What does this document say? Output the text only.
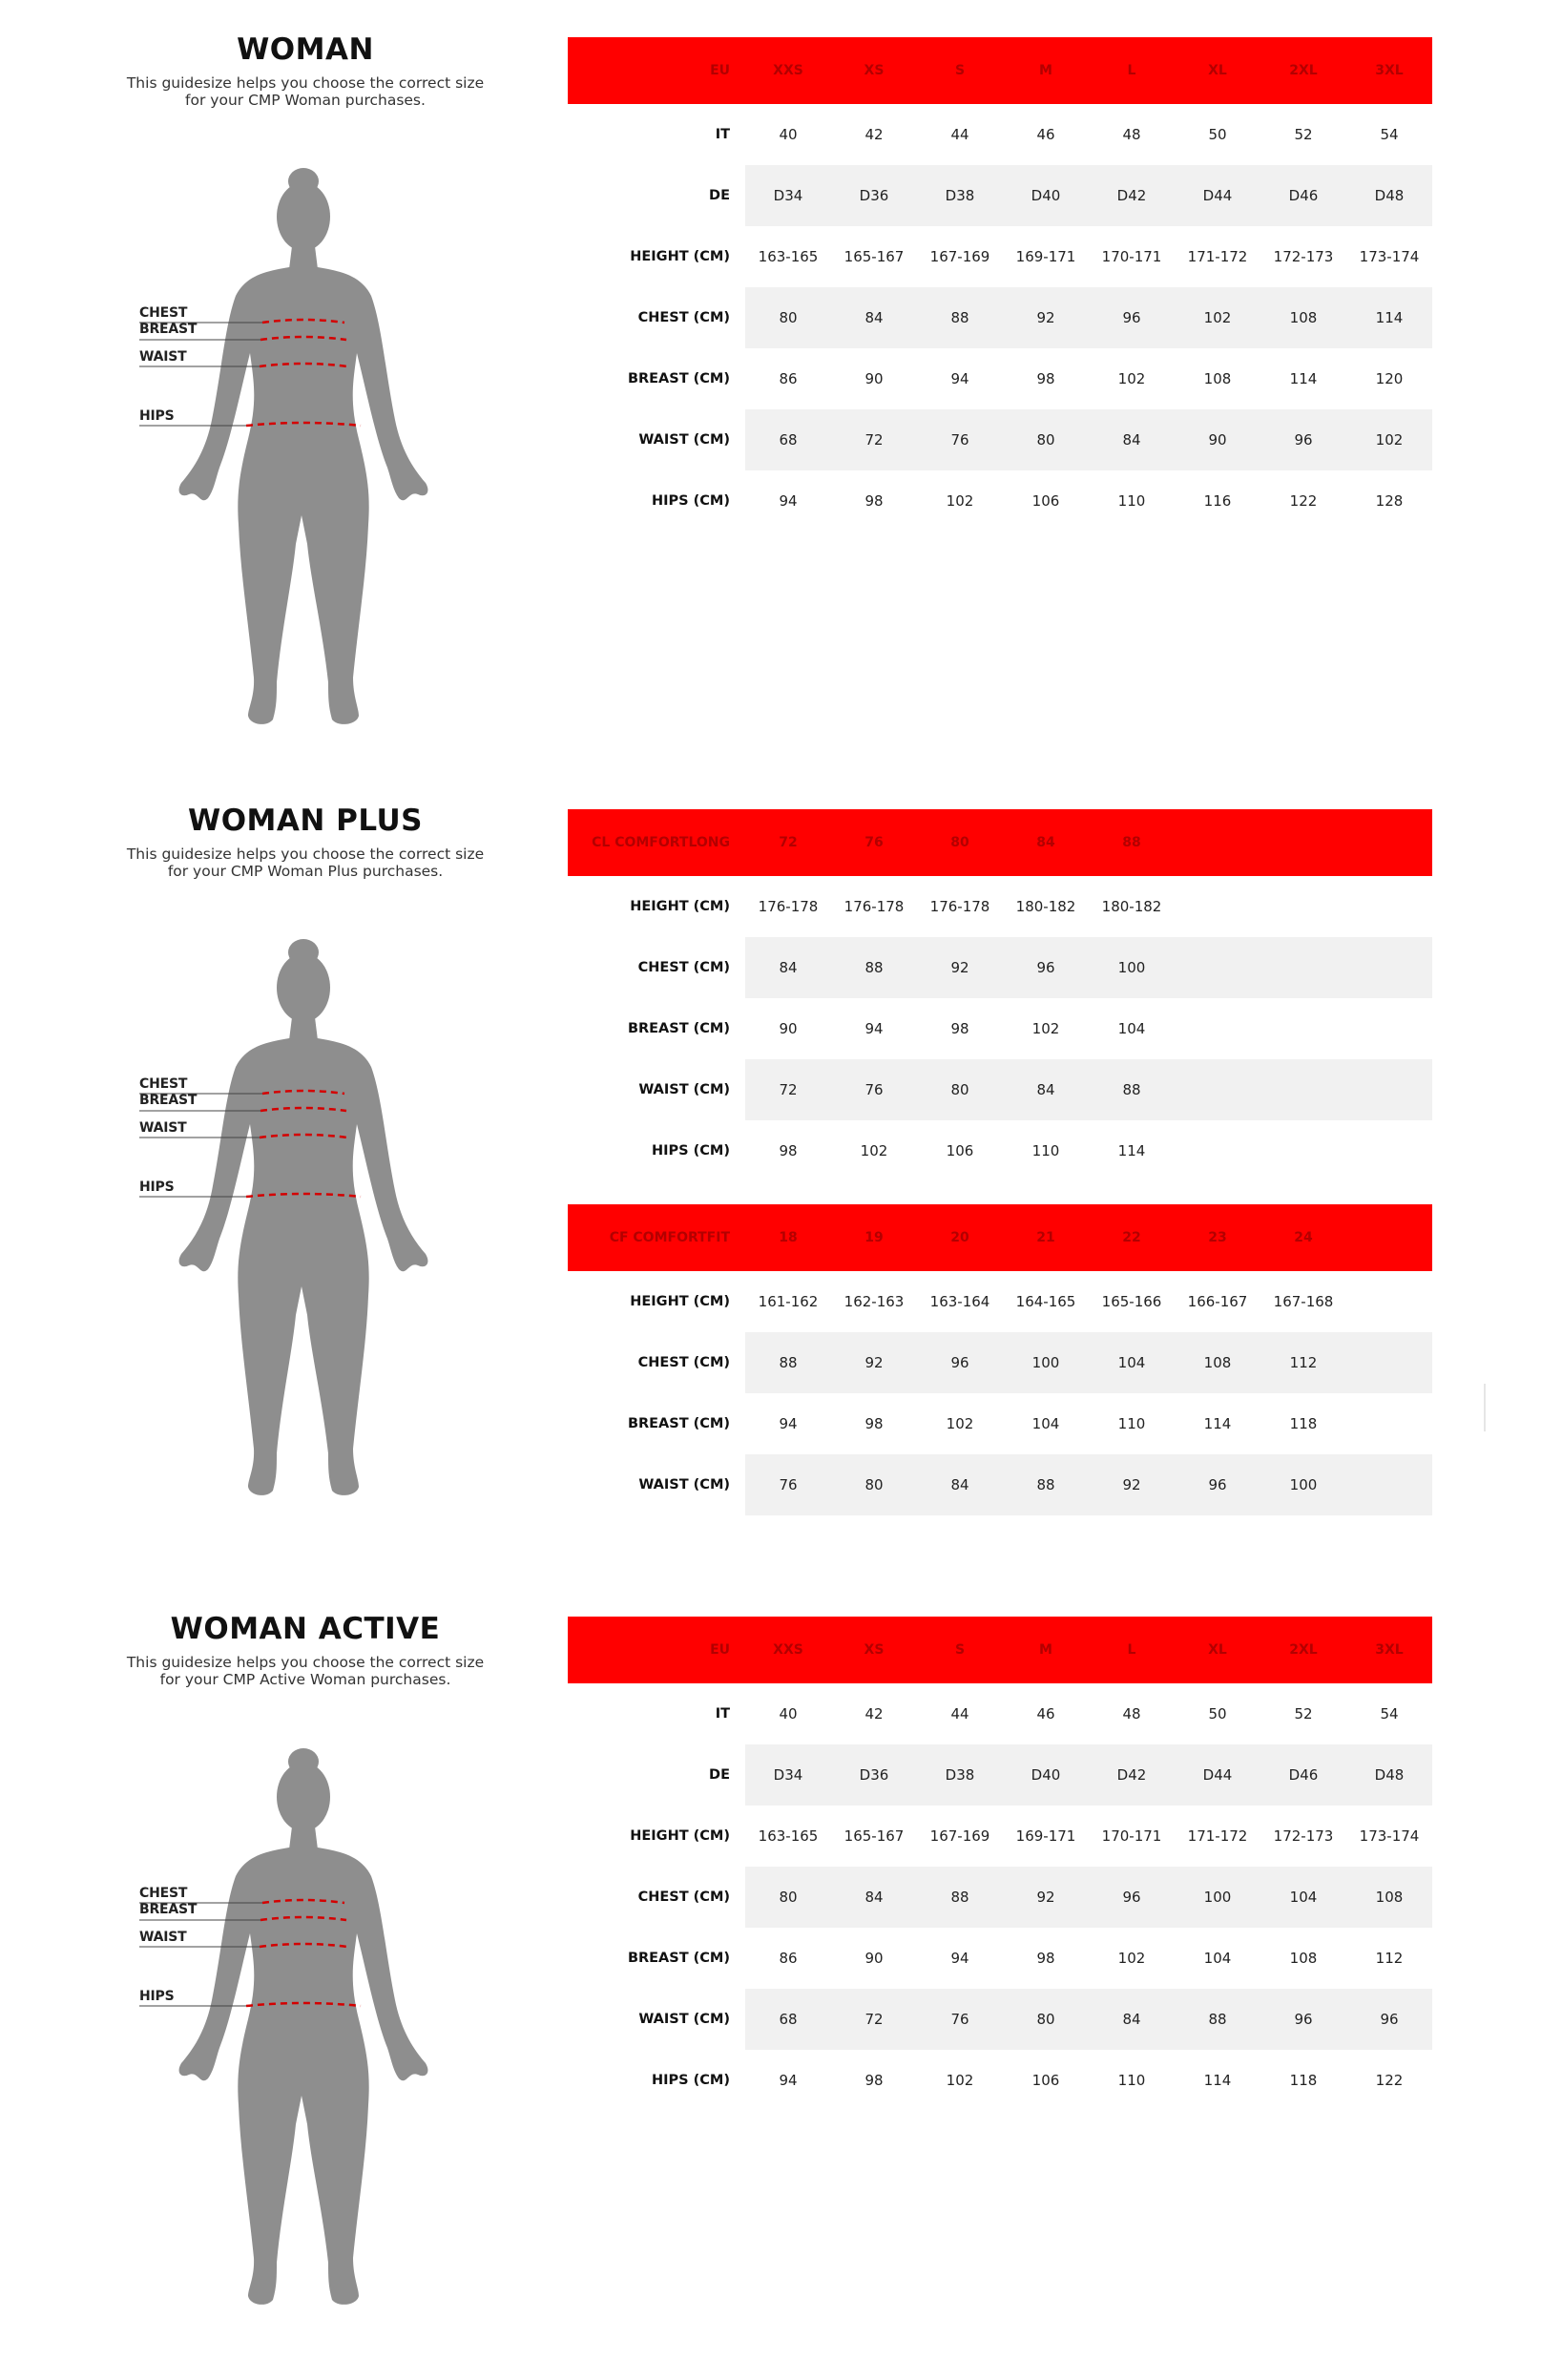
WOMAN

This guidesize helps you choose the correct size
for your CMP Woman purchases.

CHEST
BREAST
WAIST
HIPS
EU	XXS	XS	S	M	L	XL	2XL	3XL
IT	40	42	44	46	48	50	52	54
DE	D34	D36	D38	D40	D42	D44	D46	D48
HEIGHT (CM)	163-165	165-167	167-169	169-171	170-171	171-172	172-173	173-174
CHEST (CM)	80	84	88	92	96	102	108	114
BREAST (CM)	86	90	94	98	102	108	114	120
WAIST (CM)	68	72	76	80	84	90	96	102
HIPS (CM)	94	98	102	106	110	116	122	128
WOMAN PLUS

This guidesize helps you choose the correct size
for your CMP Woman Plus purchases.

CHEST
BREAST
WAIST
HIPS
CL COMFORTLONG	72	76	80	84	88
HEIGHT (CM)	176-178	176-178	176-178	180-182	180-182
CHEST (CM)	84	88	92	96	100
BREAST (CM)	90	94	98	102	104
WAIST (CM)	72	76	80	84	88
HIPS (CM)	98	102	106	110	114
CF COMFORTFIT	18	19	20	21	22	23	24
HEIGHT (CM)	161-162	162-163	163-164	164-165	165-166	166-167	167-168
CHEST (CM)	88	92	96	100	104	108	112
BREAST (CM)	94	98	102	104	110	114	118
WAIST (CM)	76	80	84	88	92	96	100
WOMAN ACTIVE

This guidesize helps you choose the correct size
for your CMP Active Woman purchases.

CHEST
BREAST
WAIST
HIPS
EU	XXS	XS	S	M	L	XL	2XL	3XL
IT	40	42	44	46	48	50	52	54
DE	D34	D36	D38	D40	D42	D44	D46	D48
HEIGHT (CM)	163-165	165-167	167-169	169-171	170-171	171-172	172-173	173-174
CHEST (CM)	80	84	88	92	96	100	104	108
BREAST (CM)	86	90	94	98	102	104	108	112
WAIST (CM)	68	72	76	80	84	88	96	96
HIPS (CM)	94	98	102	106	110	114	118	122
